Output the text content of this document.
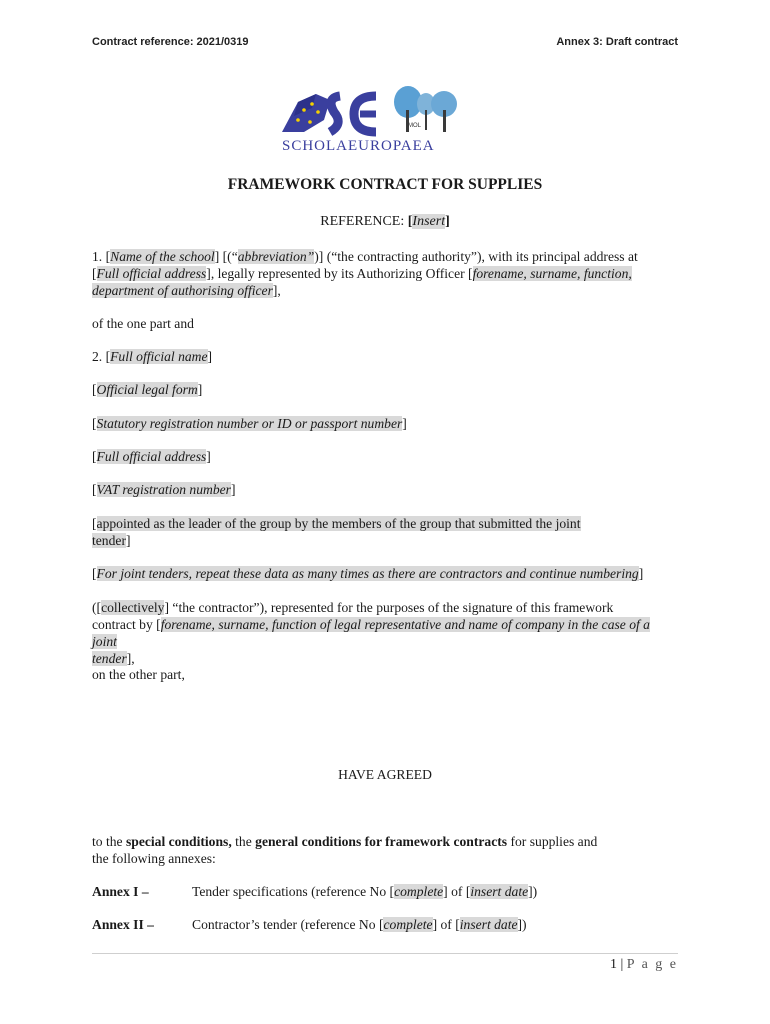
Contract reference: 2021/0319	Annex 3: Draft contract
MOL
SCHOLAEUROPAEA
FRAMEWORK CONTRACT FOR SUPPLIES
REFERENCE: [Insert]
1. [Name of the school] [(“abbreviation”)] (“the contracting authority”), with its principal address at
[Full official address], legally represented by its Authorizing Officer [forename, surname, function,
department of authorising officer],
of the one part and
2. [Full official name]
[Official legal form]
[Statutory registration number or ID or passport number]
[Full official address]
[VAT registration number]
[appointed as the leader of the group by the members of the group that submitted the joint
tender]
[For joint tenders, repeat these data as many times as there are contractors and continue numbering]
([collectively] “the contractor”), represented for the purposes of the signature of this framework
contract by [forename, surname, function of legal representative and name of company in the case of a joint
tender],
on the other part,
HAVE AGREED
to the special conditions, the general conditions for framework contracts for supplies and
the following annexes:
Annex I –	Tender specifications (reference No [complete] of [insert date])
Annex II –	Contractor’s tender (reference No [complete] of [insert date])
1 | P a g e
